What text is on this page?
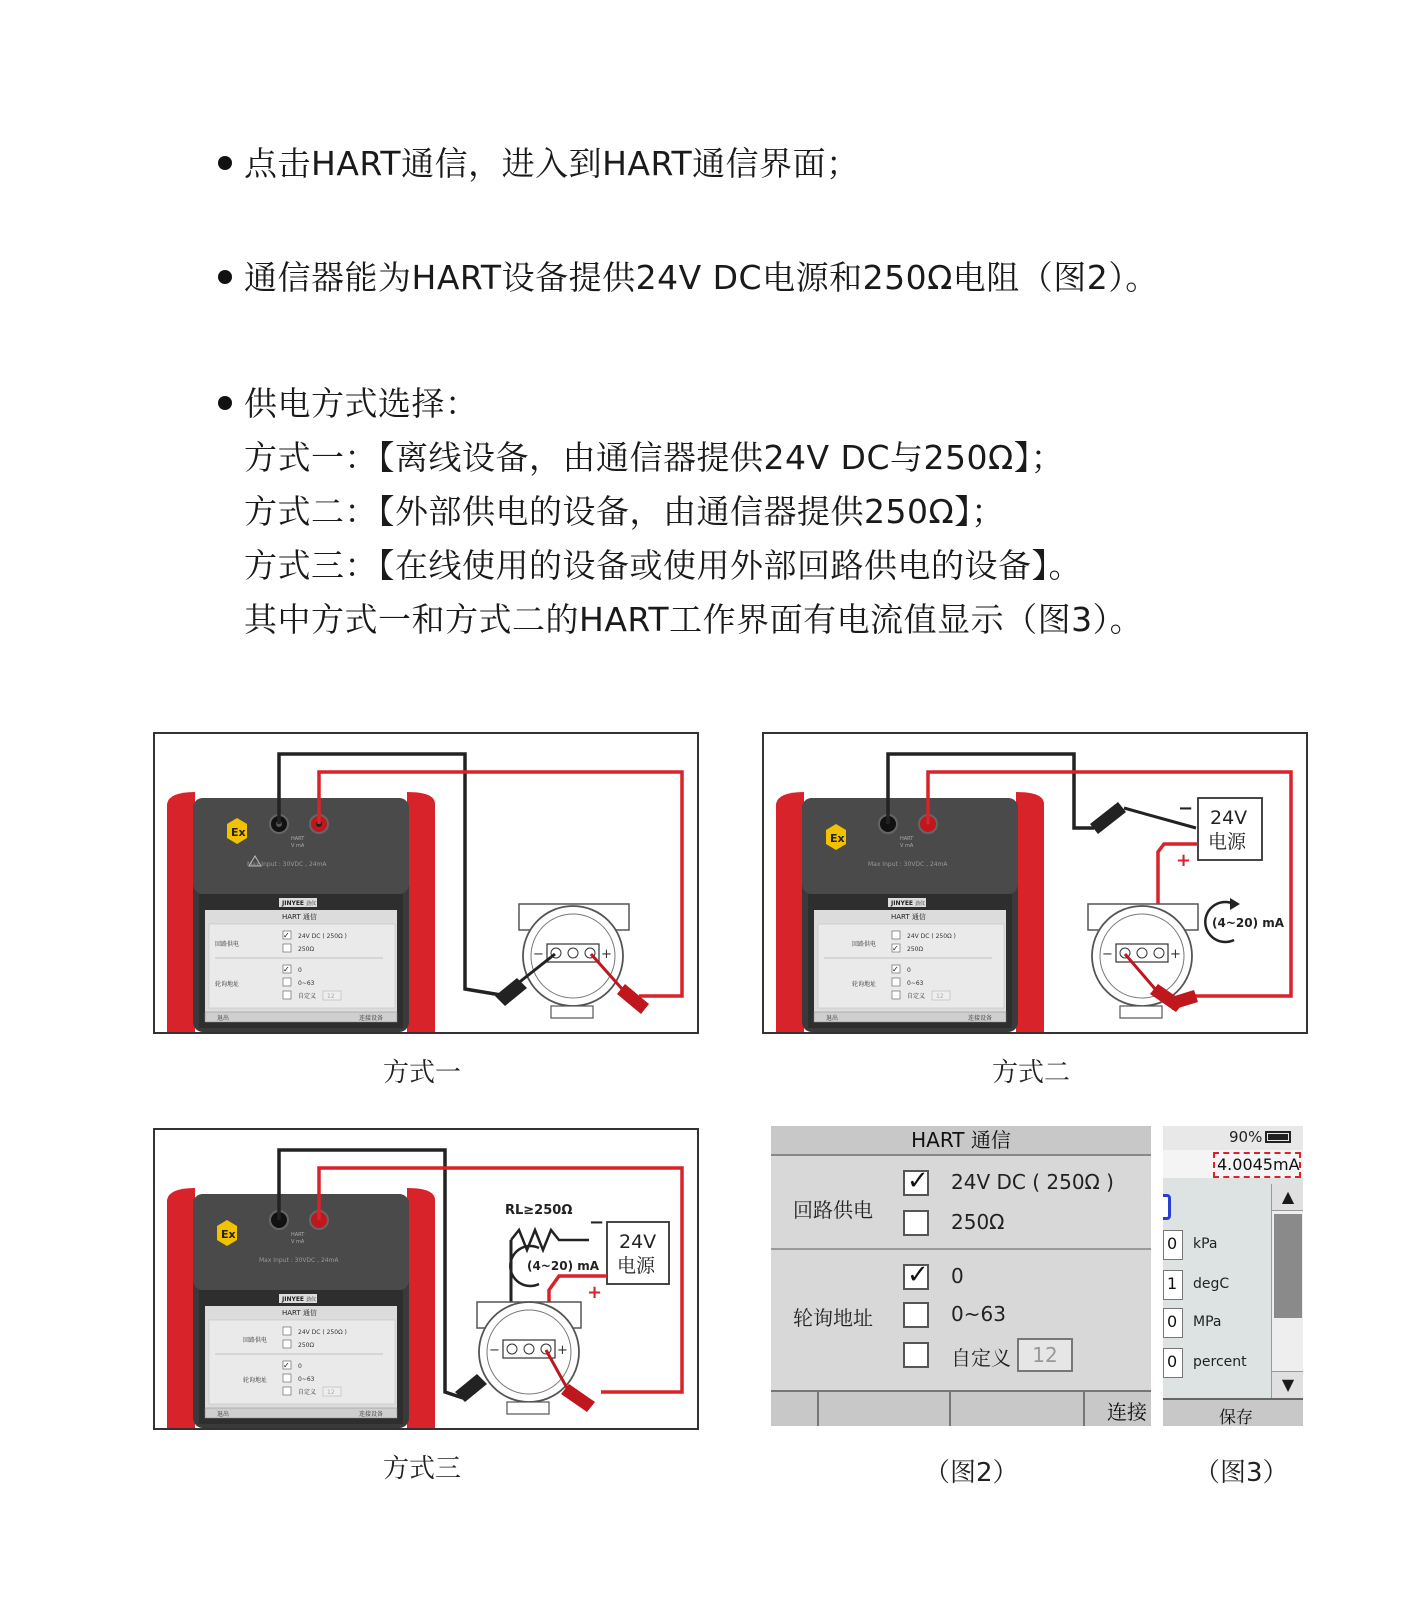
点击HART通信，进入到HART通信界面；
通信器能为HART设备提供24V DC电源和250Ω电阻（图2）。
供电方式选择：
方式一：【离线设备，由通信器提供24V DC与250Ω】；
方式二：【外部供电的设备，由通信器提供250Ω】；
方式三：【在线使用的设备或使用外部回路供电的设备】。
其中方式一和方式二的HART工作界面有电流值显示（图3）。
Ex	HART
V mA
Max Input : 30VDC , 24mA
JINYEE 劲仪
HART 通信
回路供电
✓ 24V DC ( 250Ω )
250Ω
轮询地址
✓ 0
0~63
自定义 12
退出	连接设备
−	+
方式一
Ex	HART
V mA
Max Input : 30VDC , 24mA
JINYEE 劲仪
HART 通信
回路供电
24V DC ( 250Ω )
✓ 250Ω
轮询地址
✓ 0
0~63
自定义 12
退出	连接设备
24V
电源
−
+
(4~20) mA
−	+
方式二
Ex	HART
V mA
Max Input : 30VDC , 24mA
JINYEE 劲仪
HART 通信
回路供电
24V DC ( 250Ω )
250Ω
轮询地址
✓ 0
0~63
自定义 12
退出	连接设备
RL≥250Ω
−
24V
电源
+
(4~20) mA
−	+
方式三
HART 通信
回路供电
✓ 24V DC ( 250Ω )
250Ω
轮询地址
✓ 0
0~63
自定义	12
连接
（图2）
90%
4.0045mA
0 kPa
1 degC
0 MPa
0 percent
▲
▼
保存
（图3）
